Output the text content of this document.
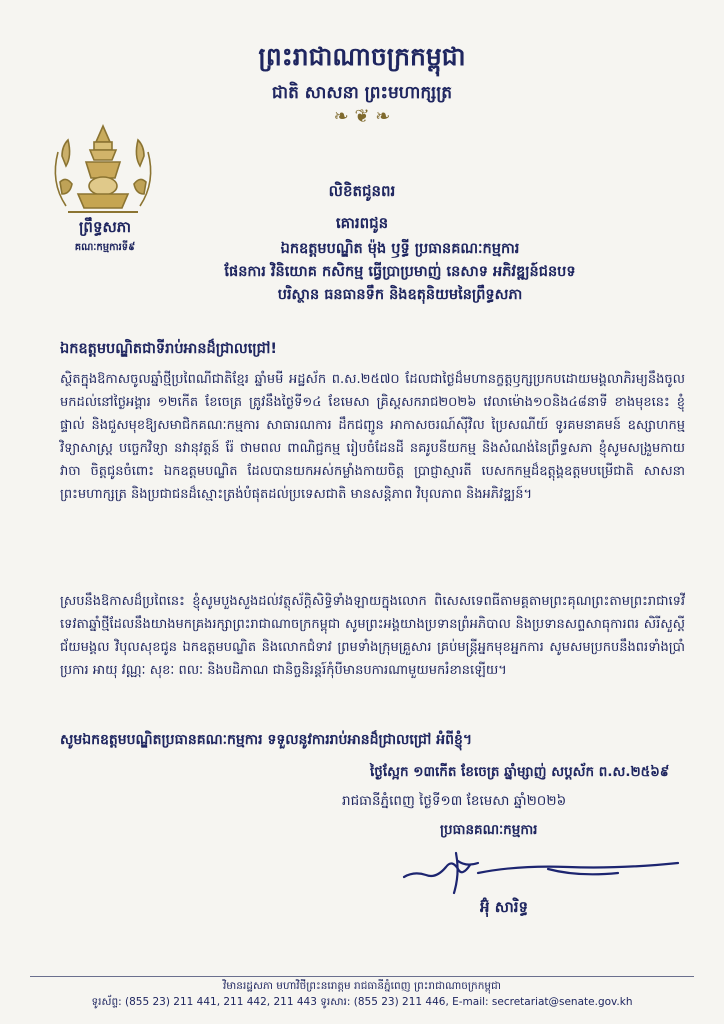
ព្រះរាជាណាចក្រកម្ពុជា
ជាតិ សាសនា ព្រះមហាក្សត្រ
❧ ❦ ❧
ព្រឹទ្ធសភា
គណៈកម្មការទី៩
លិខិតជូនពរ
គោរពជូន
ឯកឧត្តមបណ្ឌិត ម៉ុង ឫទ្ធី ប្រធានគណៈកម្មការ
ផែនការ វិនិយោគ កសិកម្ម ធ្វើប្រាប្រមាញ់ នេសាទ អភិវឌ្ឍន៍ជនបទ
បរិស្ថាន ធនធានទឹក និងឧតុនិយមនៃព្រឹទ្ធសភា
ឯកឧត្តមបណ្ឌិតជាទីរាប់អានដ៏ជ្រាលជ្រៅ!
ស្ថិតក្នុងឱកាសចូលឆ្នាំថ្មីប្រពៃណីជាតិខ្មែរ ឆ្នាំមមី អដ្ឋស័ក ព.ស.២៥៧០ ដែលជាថ្ងៃដ៏មហានក្ខត្តឫក្សប្រកបដោយមង្គលាភិរម្យនឹងចូលមកដល់នៅថ្ងៃអង្គារ ១២កើត ខែចេត្រ ត្រូវនឹងថ្ងៃទី១៤ ខែមេសា គ្រិស្តសករាជ២០២៦ វេលាម៉ោង១០និង៤៨នាទី ខាងមុខនេះ ខ្ញុំផ្ទាល់ និងជួសមុខឱ្យសមាជិកគណៈកម្មការ សាធារណការ ដឹកជញ្ជូន អាកាសចរណ៍ស៊ីវិល ប្រៃសណីយ៍ ទូរគមនាគមន៍ ឧស្សាហកម្ម វិទ្យាសាស្ត្រ បច្ចេកវិទ្យា នវានុវត្តន៍ រ៉ែ ថាមពល ពាណិជ្ជកម្ម រៀបចំដែនដី នគរូបនីយកម្ម និងសំណង់នៃព្រឹទ្ធសភា ខ្ញុំសូមសង្រួមកាយ វាចា ចិត្តជូនចំពោះ ឯកឧត្តមបណ្ឌិត ដែលបានយកអស់កម្លាំងកាយចិត្ត ប្រាជ្ញាស្មារតី បេសកកម្មដ៏ឧត្តុង្គឧត្តមបម្រើជាតិ សាសនា ព្រះមហាក្សត្រ និងប្រជាជនដ៏ស្មោះត្រង់បំផុតដល់ប្រទេសជាតិ មានសន្តិភាព វិបុលភាព និងអភិវឌ្ឍន៍។
ស្របនឹងឱកាសដ៏ប្រពៃនេះ ខ្ញុំសូមបួងសួងដល់វត្ថុស័ក្តិសិទ្ធិទាំងឡាយក្នុងលោក ពិសេសទេពធីតាមគ្គតាមព្រះគុណព្រះតាមព្រះរាជាទេវី ទេវតាឆ្នាំថ្មីដែលនឹងយាងមកគ្រងរក្សាព្រះរាជាណាចក្រកម្ពុជា សូមព្រះអង្គយាងប្រទានព្រំអភិបាល និងប្រទានសព្ទសាធុការពរ សិរីសួស្តី ជ័យមង្គល វិបុលសុខជូន ឯកឧត្តមបណ្ឌិត និងលោកជំទាវ ព្រមទាំងក្រុមគ្រួសារ គ្រប់មន្ត្រីអ្នកមុខអ្នកការ សូមសមប្រកបនឹងពរទាំងប្រាំប្រការ អាយុ វណ្ណៈ សុខៈ ពលៈ និងបដិភាណ ជានិច្ចនិរន្តរ៍កុំបីមានបការណាមួយមករំខានឡើយ។
សូមឯកឧត្តមបណ្ឌិតប្រធានគណៈកម្មការ ទទួលនូវការរាប់អានដ៏ជ្រាលជ្រៅ អំពីខ្ញុំ។
ថ្ងៃស្អែក ១៣កើត ខែចេត្រ ឆ្នាំម្សាញ់ សប្តស័ក ព.ស.២៥៦៩
រាជធានីភ្នំពេញ ថ្ងៃទី១៣ ខែមេសា ឆ្នាំ២០២៦
ប្រធានគណៈកម្មការ
អ៊ុំ សារិទ្ធ
វិមានរដ្ឋសភា មហាវិថីព្រះនរោត្តម រាជធានីភ្នំពេញ ព្រះរាជាណាចក្រកម្ពុជា
ទូរស័ព្ទ: (855 23) 211 441, 211 442, 211 443 ទូរសារ: (855 23) 211 446, E-mail: secretariat@senate.gov.kh
